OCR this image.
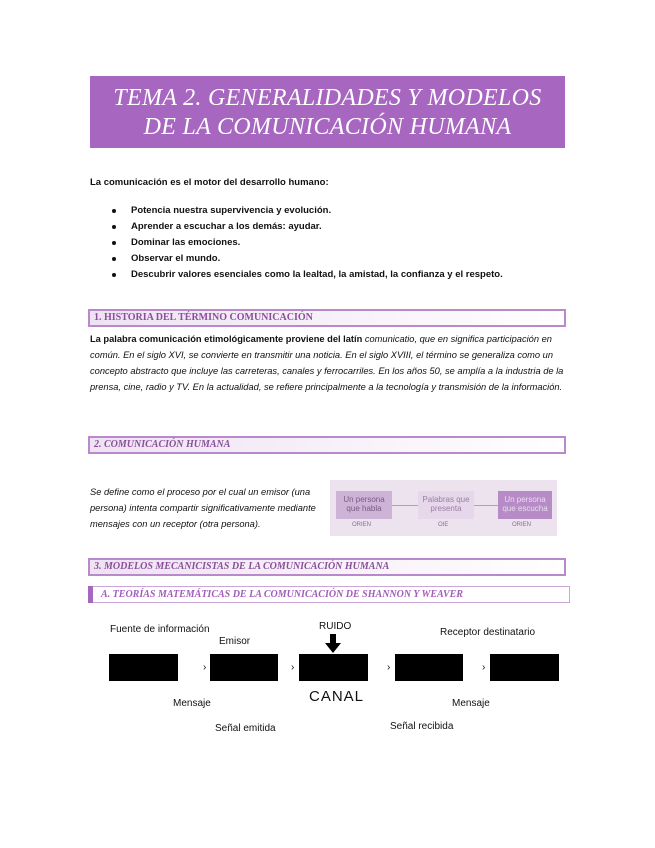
TEMA 2. GENERALIDADES Y MODELOS
DE LA COMUNICACIÓN HUMANA
La comunicación es el motor del desarrollo humano:
Potencia nuestra supervivencia y evolución.
Aprender a escuchar a los demás: ayudar.
Dominar las emociones.
Observar el mundo.
Descubrir valores esenciales como la lealtad, la amistad, la confianza y el respeto.
1. HISTORIA DEL TÉRMINO COMUNICACIÓN
La palabra comunicación etimológicamente proviene del latín comunicatio, que en significa participación en común. En el siglo XVI, se convierte en transmitir una noticia. En el siglo XVIII, el término se generaliza como un concepto abstracto que incluye las carreteras, canales y ferrocarriles. En los años 50, se amplía a la industria de la prensa, cine, radio y TV. En la actualidad, se refiere principalmente a la tecnología y transmisión de la información.
2. COMUNICACIÓN HUMANA
Se define como el proceso por el cual un emisor (una persona) intenta compartir significativamente mediante mensajes con un receptor (otra persona).
Un persona que habla
Palabras que presenta
Un persona que escucha
ORIEN	OIE	ORIEN
3. MODELOS MECANICISTAS DE LA COMUNICACIÓN HUMANA
A. TEORÍAS MATEMÁTICAS DE LA COMUNICACIÓN DE SHANNON Y WEAVER
Fuente de información
Emisor
RUIDO
Receptor destinatario
›	›	›	›
CANAL
Mensaje	Mensaje
Señal emitida	Señal recibida
